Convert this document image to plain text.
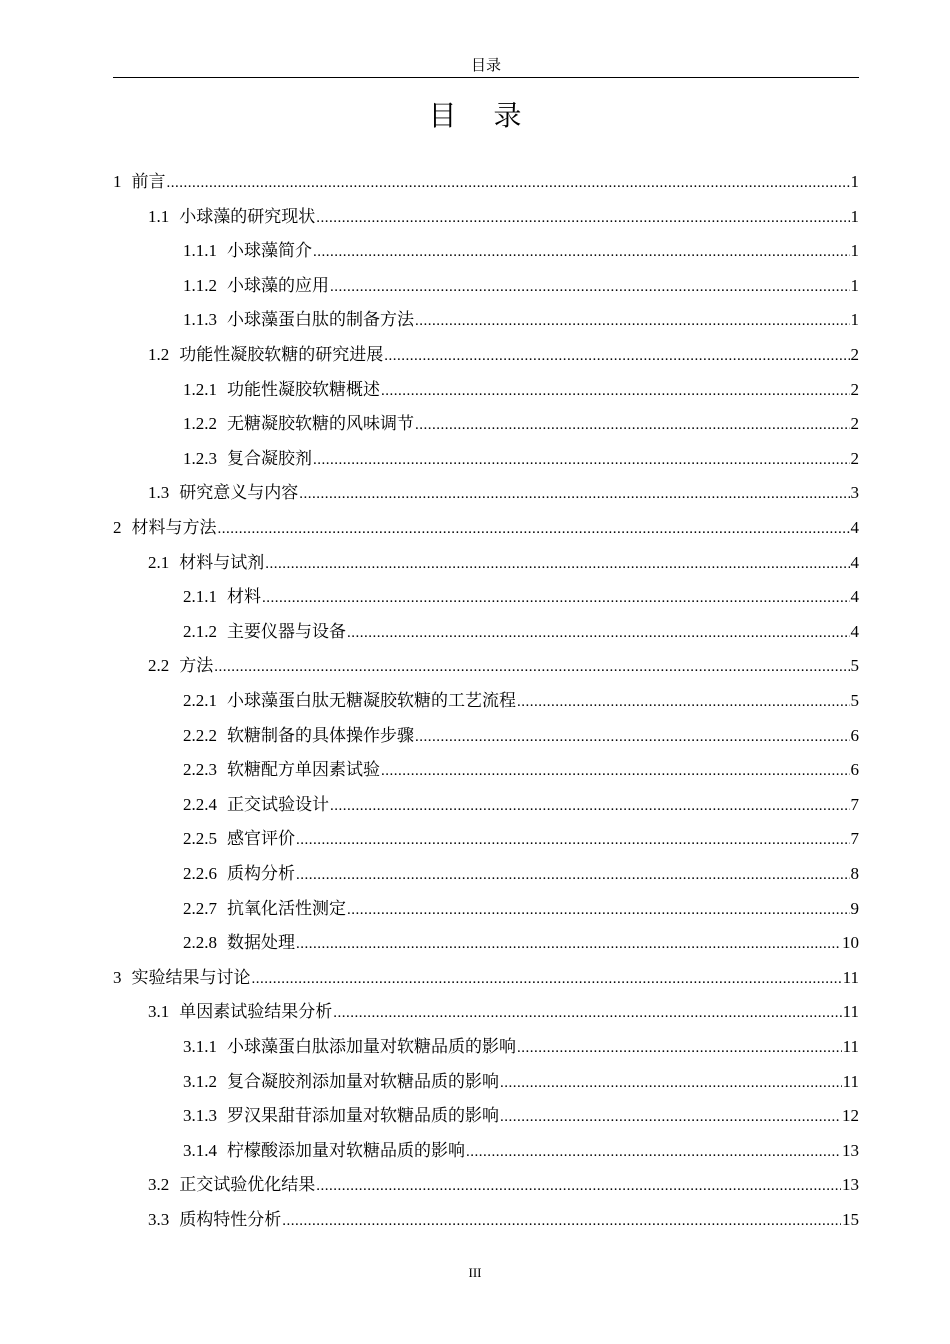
目录
目 录
1 前言 .....	1
1.1 小球藻的研究现状 .....	1
1.1.1 小球藻简介 .....	1
1.1.2 小球藻的应用 .....	1
1.1.3 小球藻蛋白肽的制备方法 .....	1
1.2 功能性凝胶软糖的研究进展 .....	2
1.2.1 功能性凝胶软糖概述 .....	2
1.2.2 无糖凝胶软糖的风味调节 .....	2
1.2.3 复合凝胶剂 .....	2
1.3 研究意义与内容 .....	3
2 材料与方法 .....	4
2.1 材料与试剂 .....	4
2.1.1 材料 .....	4
2.1.2 主要仪器与设备 .....	4
2.2 方法 .....	5
2.2.1 小球藻蛋白肽无糖凝胶软糖的工艺流程 .....	5
2.2.2 软糖制备的具体操作步骤 .....	6
2.2.3 软糖配方单因素试验 .....	6
2.2.4 正交试验设计 .....	7
2.2.5 感官评价 .....	7
2.2.6 质构分析 .....	8
2.2.7 抗氧化活性测定 .....	9
2.2.8 数据处理 .....	10
3 实验结果与讨论 .....	11
3.1 单因素试验结果分析 .....	11
3.1.1 小球藻蛋白肽添加量对软糖品质的影响 .....	11
3.1.2 复合凝胶剂添加量对软糖品质的影响 .....	11
3.1.3 罗汉果甜苷添加量对软糖品质的影响 .....	12
3.1.4 柠檬酸添加量对软糖品质的影响 .....	13
3.2 正交试验优化结果 .....	13
3.3 质构特性分析 .....	15
III
